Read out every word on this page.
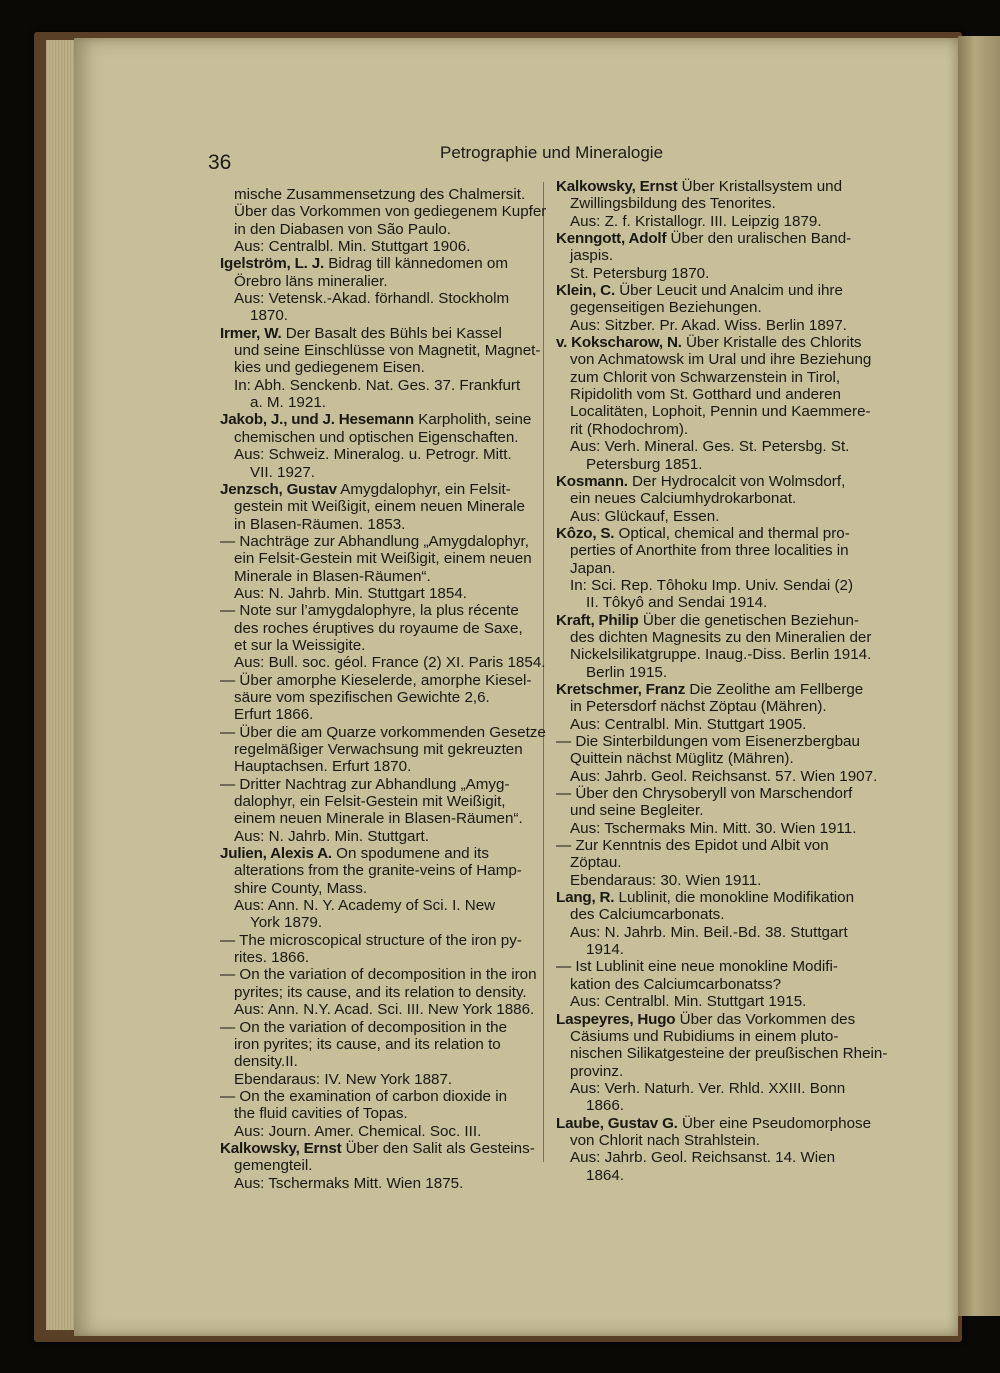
36	Petrographie und Mineralogie
mische Zusammensetzung des Chalmersit.
Über das Vorkommen von gediegenem Kupfer
in den Diabasen von São Paulo.
Aus: Centralbl. Min. Stuttgart 1906.
Igelström, L. J. Bidrag till kännedomen om
Örebro läns mineralier.
Aus: Vetensk.-Akad. förhandl. Stockholm
1870.
Irmer, W. Der Basalt des Bühls bei Kassel
und seine Einschlüsse von Magnetit, Magnet-
kies und gediegenem Eisen.
In: Abh. Senckenb. Nat. Ges. 37. Frankfurt
a. M. 1921.
Jakob, J., und J. Hesemann Karpholith, seine
chemischen und optischen Eigenschaften.
Aus: Schweiz. Mineralog. u. Petrogr. Mitt.
VII. 1927.
Jenzsch, Gustav Amygdalophyr, ein Felsit-
gestein mit Weißigit, einem neuen Minerale
in Blasen-Räumen. 1853.
— Nachträge zur Abhandlung „Amygdalophyr,
ein Felsit-Gestein mit Weißigit, einem neuen
Minerale in Blasen-Räumen“.
Aus: N. Jahrb. Min. Stuttgart 1854.
— Note sur l’amygdalophyre, la plus récente
des roches éruptives du royaume de Saxe,
et sur la Weissigite.
Aus: Bull. soc. géol. France (2) XI. Paris 1854.
— Über amorphe Kieselerde, amorphe Kiesel-
säure vom spezifischen Gewichte 2,6.
Erfurt 1866.
— Über die am Quarze vorkommenden Gesetze
regelmäßiger Verwachsung mit gekreuzten
Hauptachsen. Erfurt 1870.
— Dritter Nachtrag zur Abhandlung „Amyg-
dalophyr, ein Felsit-Gestein mit Weißigit,
einem neuen Minerale in Blasen-Räumen“.
Aus: N. Jahrb. Min. Stuttgart.
Julien, Alexis A. On spodumene and its
alterations from the granite-veins of Hamp-
shire County, Mass.
Aus: Ann. N. Y. Academy of Sci. I. New
York 1879.
— The microscopical structure of the iron py-
rites. 1866.
— On the variation of decomposition in the iron
pyrites; its cause, and its relation to density.
Aus: Ann. N.Y. Acad. Sci. III. New York 1886.
— On the variation of decomposition in the
iron pyrites; its cause, and its relation to
density.II.
Ebendaraus: IV. New York 1887.
— On the examination of carbon dioxide in
the fluid cavities of Topas.
Aus: Journ. Amer. Chemical. Soc. III.
Kalkowsky, Ernst Über den Salit als Gesteins-
gemengteil.
Aus: Tschermaks Mitt. Wien 1875.
Kalkowsky, Ernst Über Kristallsystem und
Zwillingsbildung des Tenorites.
Aus: Z. f. Kristallogr. III. Leipzig 1879.
Kenngott, Adolf Über den uralischen Band-
jaspis.
St. Petersburg 1870.
Klein, C. Über Leucit und Analcim und ihre
gegenseitigen Beziehungen.
Aus: Sitzber. Pr. Akad. Wiss. Berlin 1897.
v. Kokscharow, N. Über Kristalle des Chlorits
von Achmatowsk im Ural und ihre Beziehung
zum Chlorit von Schwarzenstein in Tirol,
Ripidolith vom St. Gotthard und anderen
Localitäten, Lophoit, Pennin und Kaemmere-
rit (Rhodochrom).
Aus: Verh. Mineral. Ges. St. Petersbg. St.
Petersburg 1851.
Kosmann. Der Hydrocalcit von Wolmsdorf,
ein neues Calciumhydrokarbonat.
Aus: Glückauf, Essen.
Kôzo, S. Optical, chemical and thermal pro-
perties of Anorthite from three localities in
Japan.
In: Sci. Rep. Tôhoku Imp. Univ. Sendai (2)
II. Tôkyô and Sendai 1914.
Kraft, Philip Über die genetischen Beziehun-
des dichten Magnesits zu den Mineralien der
Nickelsilikatgruppe. Inaug.-Diss. Berlin 1914.
Berlin 1915.
Kretschmer, Franz Die Zeolithe am Fellberge
in Petersdorf nächst Zöptau (Mähren).
Aus: Centralbl. Min. Stuttgart 1905.
— Die Sinterbildungen vom Eisenerzbergbau
Quittein nächst Müglitz (Mähren).
Aus: Jahrb. Geol. Reichsanst. 57. Wien 1907.
— Über den Chrysoberyll von Marschendorf
und seine Begleiter.
Aus: Tschermaks Min. Mitt. 30. Wien 1911.
— Zur Kenntnis des Epidot und Albit von
Zöptau.
Ebendaraus: 30. Wien 1911.
Lang, R. Lublinit, die monokline Modifikation
des Calciumcarbonats.
Aus: N. Jahrb. Min. Beil.-Bd. 38. Stuttgart
1914.
— Ist Lublinit eine neue monokline Modifi-
kation des Calciumcarbonatss?
Aus: Centralbl. Min. Stuttgart 1915.
Laspeyres, Hugo Über das Vorkommen des
Cäsiums und Rubidiums in einem pluto-
nischen Silikatgesteine der preußischen Rhein-
provinz.
Aus: Verh. Naturh. Ver. Rhld. XXIII. Bonn
1866.
Laube, Gustav G. Über eine Pseudomorphose
von Chlorit nach Strahlstein.
Aus: Jahrb. Geol. Reichsanst. 14. Wien
1864.
